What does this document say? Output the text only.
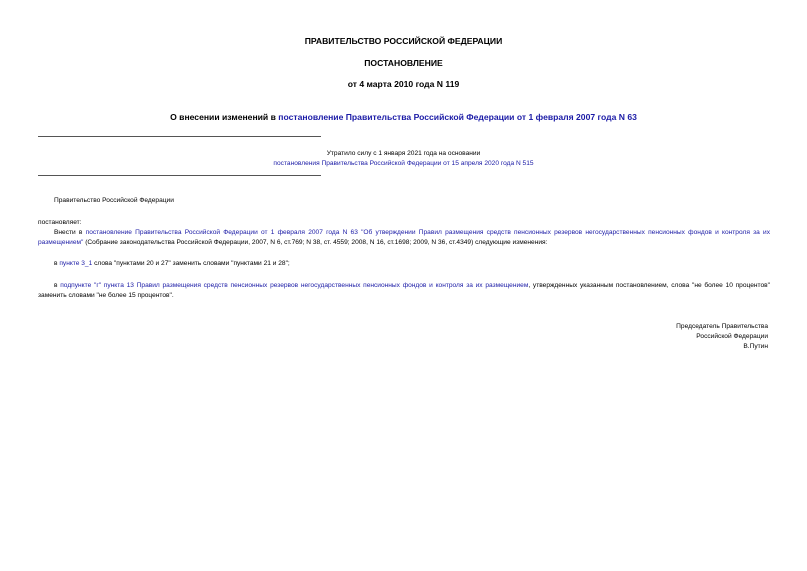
ПРАВИТЕЛЬСТВО РОССИЙСКОЙ ФЕДЕРАЦИИ
ПОСТАНОВЛЕНИЕ
от 4 марта 2010 года N 119
О внесении изменений в постановление Правительства Российской Федерации от 1 февраля 2007 года N 63
Утратило силу с 1 января 2021 года на основании
постановления Правительства Российской Федерации от 15 апреля 2020 года N 515
Правительство Российской Федерации
постановляет:
Внести в постановление Правительства Российской Федерации от 1 февраля 2007 года N 63 "Об утверждении Правил размещения средств пенсионных резервов негосударственных пенсионных фондов и контроля за их размещением" (Собрание законодательства Российской Федерации, 2007, N 6, ст.769; N 38, ст. 4559; 2008, N 16, ст.1698; 2009, N 36, ст.4349) следующие изменения:
в пункте 3_1 слова "пунктами 20 и 27" заменить словами "пунктами 21 и 28";
в подпункте "г" пункта 13 Правил размещения средств пенсионных резервов негосударственных пенсионных фондов и контроля за их размещением, утвержденных указанным постановлением, слова "не более 10 процентов" заменить словами "не более 15 процентов".
Председатель Правительства
Российской Федерации
В.Путин
